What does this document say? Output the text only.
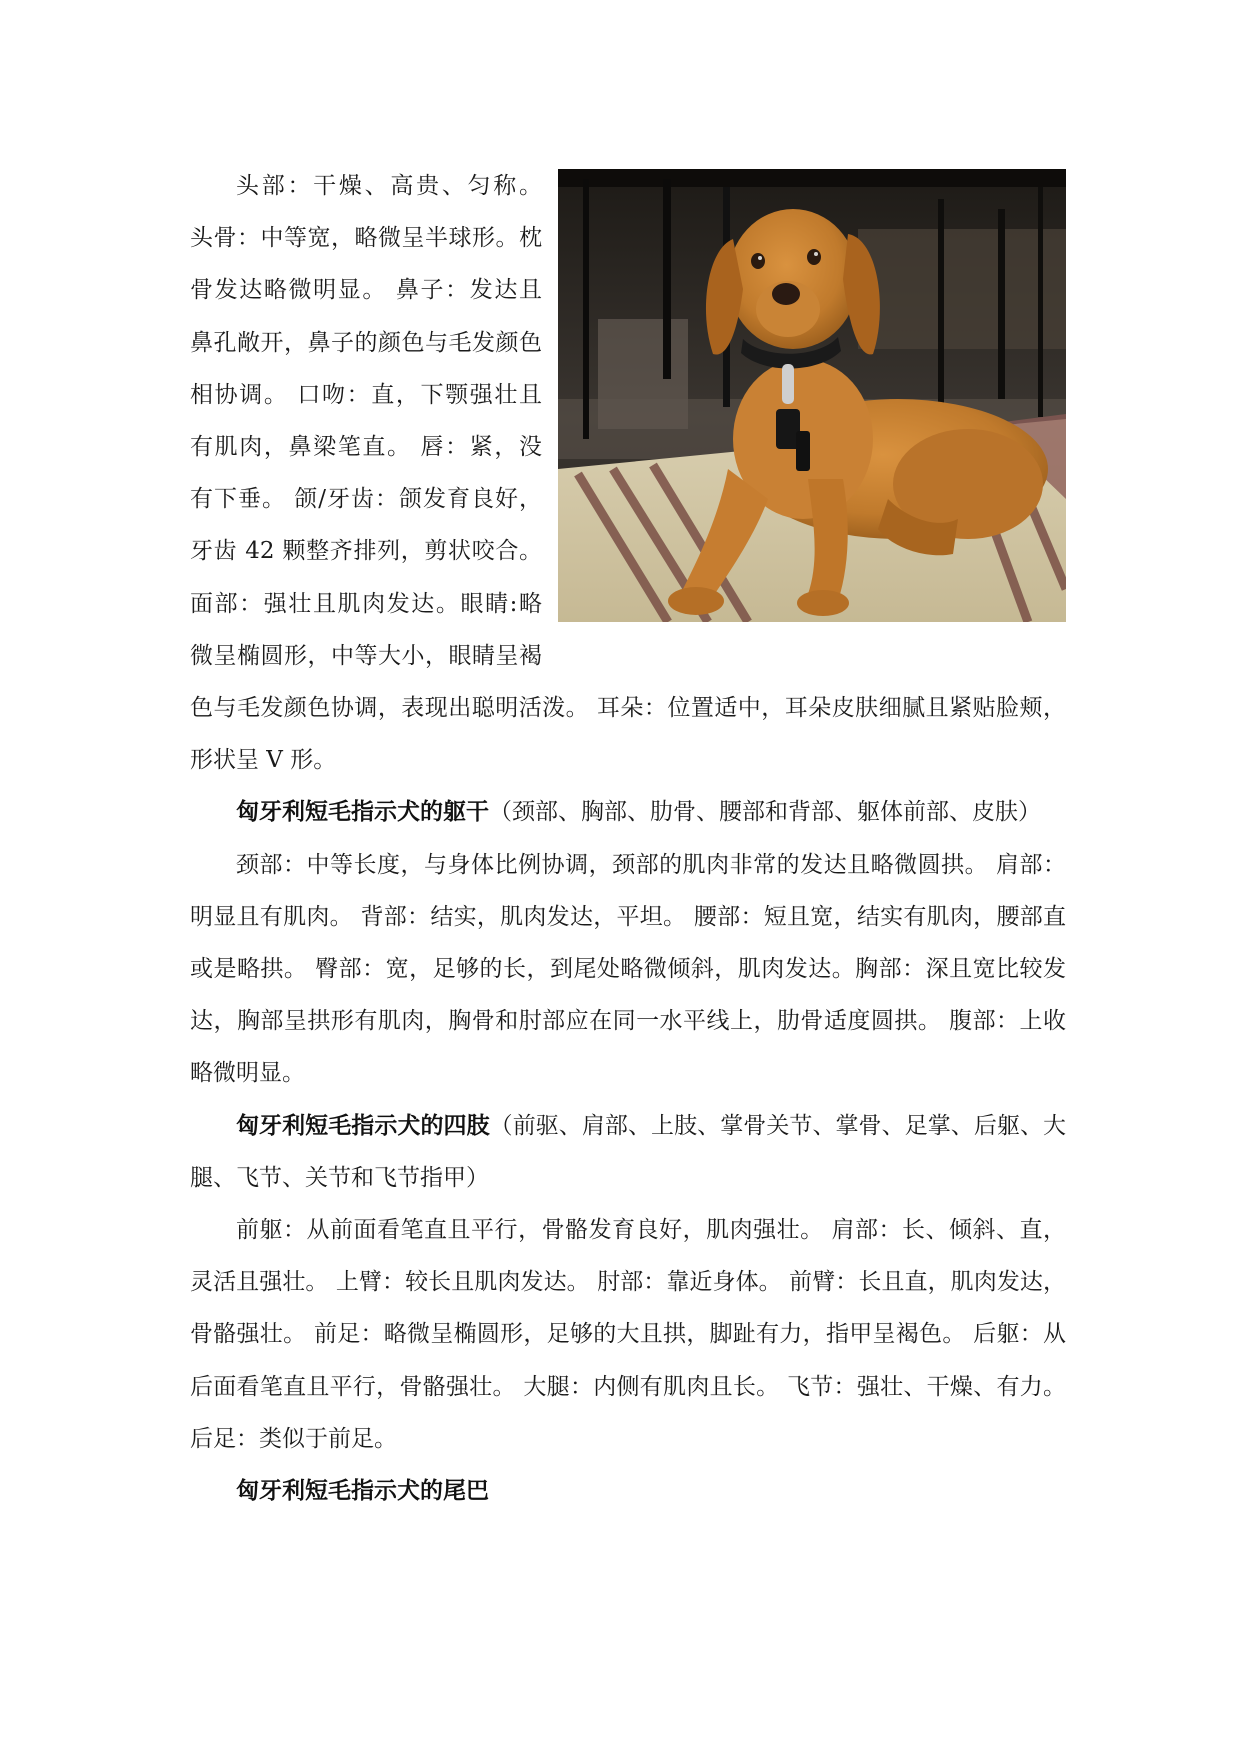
头部：干燥、高贵、匀称。 头骨：中等宽，略微呈半球形。枕骨发达略微明显。 鼻子：发达且鼻孔敞开，鼻子的颜色与毛发颜色相协调。 口吻：直，下颚强壮且有肌肉，鼻梁笔直。 唇：紧，没有下垂。 颌/牙齿：颌发育良好，牙齿 42 颗整齐排列，剪状咬合。面部：强壮且肌肉发达。眼睛:略微呈椭圆形，中等大小，眼睛呈褐色与毛发颜色协调，表现出聪明活泼。 耳朵：位置适中，耳朵皮肤细腻且紧贴脸颊，形状呈 V 形。

匈牙利短毛指示犬的躯干（颈部、胸部、肋骨、腰部和背部、躯体前部、皮肤）

颈部：中等长度，与身体比例协调，颈部的肌肉非常的发达且略微圆拱。 肩部：明显且有肌肉。 背部：结实，肌肉发达，平坦。 腰部：短且宽，结实有肌肉，腰部直或是略拱。 臀部：宽，足够的长，到尾处略微倾斜，肌肉发达。胸部：深且宽比较发达，胸部呈拱形有肌肉，胸骨和肘部应在同一水平线上，肋骨适度圆拱。 腹部：上收略微明显。

匈牙利短毛指示犬的四肢（前驱、肩部、上肢、掌骨关节、掌骨、足掌、后躯、大腿、飞节、关节和飞节指甲）

前躯：从前面看笔直且平行，骨骼发育良好，肌肉强壮。 肩部：长、倾斜、直，灵活且强壮。 上臂：较长且肌肉发达。 肘部：靠近身体。 前臂：长且直，肌肉发达，骨骼强壮。 前足：略微呈椭圆形，足够的大且拱，脚趾有力，指甲呈褐色。 后躯：从后面看笔直且平行，骨骼强壮。 大腿：内侧有肌肉且长。 飞节：强壮、干燥、有力。 后足：类似于前足。

匈牙利短毛指示犬的尾巴
